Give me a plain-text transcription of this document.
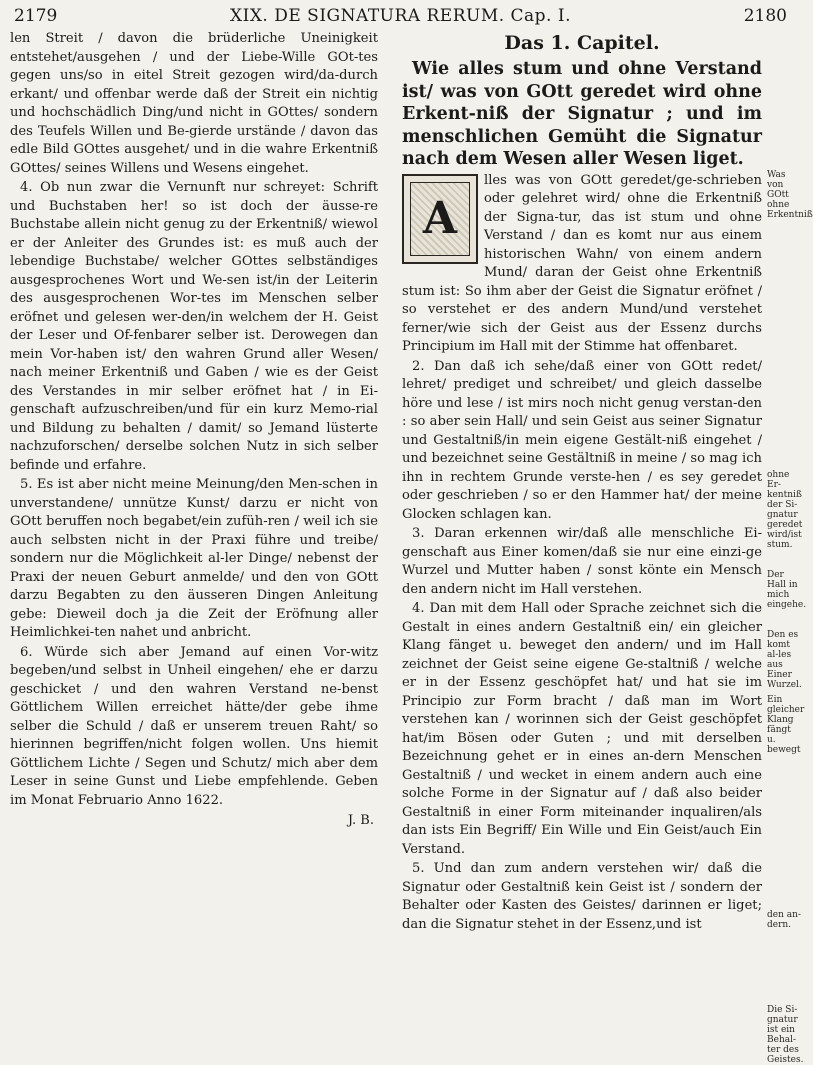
2179	XIX. DE SIGNATURA RERUM. Cap. I.	2180

len Streit / davon die brüderliche Uneinigkeit entstehet/ausgehen / und der Liebe-Wille GOt-tes gegen uns/so in eitel Streit gezogen wird/da-durch erkant/ und offenbar werde daß der Streit ein nichtig und hochschädlich Ding/und nicht in GOttes/ sondern des Teufels Willen und Be-gierde urstände / davon das edle Bild GOttes ausgehet/ und in die wahre Erkentniß GOttes/ seines Willens und Wesens eingehet.

4. Ob nun zwar die Vernunft nur schreyet: Schrift und Buchstaben her! so ist doch der äusse-re Buchstabe allein nicht genug zu der Erkentniß/ wiewol er der Anleiter des Grundes ist: es muß auch der lebendige Buchstabe/ welcher GOttes selbständiges ausgesprochenes Wort und We-sen ist/in der Leiterin des ausgesprochenen Wor-tes im Menschen selber eröfnet und gelesen wer-den/in welchem der H. Geist der Leser und Of-fenbarer selber ist. Derowegen dan mein Vor-haben ist/ den wahren Grund aller Wesen/ nach meiner Erkentniß und Gaben / wie es der Geist des Verstandes in mir selber eröfnet hat / in Ei-genschaft aufzuschreiben/und für ein kurz Memo-rial und Bildung zu behalten / damit/ so Jemand lüsterte nachzuforschen/ derselbe solchen Nutz in sich selber befinde und erfahre.

5. Es ist aber nicht meine Meinung/den Men-schen in unverstandene/ unnütze Kunst/ darzu er nicht von GOtt beruffen noch begabet/ein zufüh-ren / weil ich sie auch selbsten nicht in der Praxi führe und treibe/ sondern nur die Möglichkeit al-ler Dinge/ nebenst der Praxi der neuen Geburt anmelde/ und den von GOtt darzu Begabten zu den äusseren Dingen Anleitung gebe: Dieweil doch ja die Zeit der Eröfnung aller Heimlichkei-ten nahet und anbricht.

6. Würde sich aber Jemand auf einen Vor-witz begeben/und selbst in Unheil eingehen/ ehe er darzu geschicket / und den wahren Verstand ne-benst Göttlichem Willen erreichet hätte/der gebe ihme selber die Schuld / daß er unserem treuen Raht/ so hierinnen begriffen/nicht folgen wollen. Uns hiemit Göttlichem Lichte / Segen und Schutz/ mich aber dem Leser in seine Gunst und Liebe empfehlende. Geben im Monat Februario Anno 1622.

J. B.
Das 1. Capitel.

Wie alles stum und ohne Verstand ist/ was von GOtt geredet wird ohne Erkent-niß der Signatur ; und im menschlichen Gemüht die Signatur nach dem Wesen aller Wesen liget.

A

lles was von GOtt geredet/ge-schrieben oder gelehret wird/ ohne die Erkentniß der Signa-tur, das ist stum und ohne Verstand / dan es komt nur aus einem historischen Wahn/ von einem andern Mund/ daran der Geist ohne Erkentniß stum ist: So ihm aber der Geist die Signatur eröfnet / so verstehet er des andern Mund/und verstehet ferner/wie sich der Geist aus der Essenz durchs Principium im Hall mit der Stimme hat offenbaret.

2. Dan daß ich sehe/daß einer von GOtt redet/ lehret/ prediget und schreibet/ und gleich dasselbe höre und lese / ist mirs noch nicht genug verstan-den : so aber sein Hall/ und sein Geist aus seiner Signatur und Gestaltniß/in mein eigene Gestält-niß eingehet / und bezeichnet seine Gestältniß in meine / so mag ich ihn in rechtem Grunde verste-hen / es sey geredet oder geschrieben / so er den Hammer hat/ der meine Glocken schlagen kan.

3. Daran erkennen wir/daß alle menschliche Ei-genschaft aus Einer komen/daß sie nur eine einzi-ge Wurzel und Mutter haben / sonst könte ein Mensch den andern nicht im Hall verstehen.

4. Dan mit dem Hall oder Sprache zeichnet sich die Gestalt in eines andern Gestaltniß ein/ ein gleicher Klang fänget u. beweget den andern/ und im Hall zeichnet der Geist seine eigene Ge-staltniß / welche er in der Essenz geschöpfet hat/ und hat sie im Principio zur Form bracht / daß man im Wort verstehen kan / worinnen sich der Geist geschöpfet hat/im Bösen oder Guten ; und mit derselben Bezeichnung gehet er in eines an-dern Menschen Gestaltniß / und wecket in einem andern auch eine solche Forme in der Signatur auf / daß also beider Gestaltniß in einer Form miteinander inqualiren/als dan ists Ein Begriff/ Ein Wille und Ein Geist/auch Ein Verstand.

5. Und dan zum andern verstehen wir/ daß die Signatur oder Gestaltniß kein Geist ist / sondern der Behalter oder Kasten des Geistes/ darinnen er liget; dan die Signatur stehet in der Essenz,und ist

Was von GOtt ohne Erkentniß
ohne Er-kentniß der Si-gnatur geredet wird/ist stum.
Der Hall in mich eingehe.
Den es komt al-les aus Einer Wurzel.
Ein gleicher Klang fängt u. bewegt
den an-dern.
Die Si-gnatur ist ein Behal-ter des Geistes.
